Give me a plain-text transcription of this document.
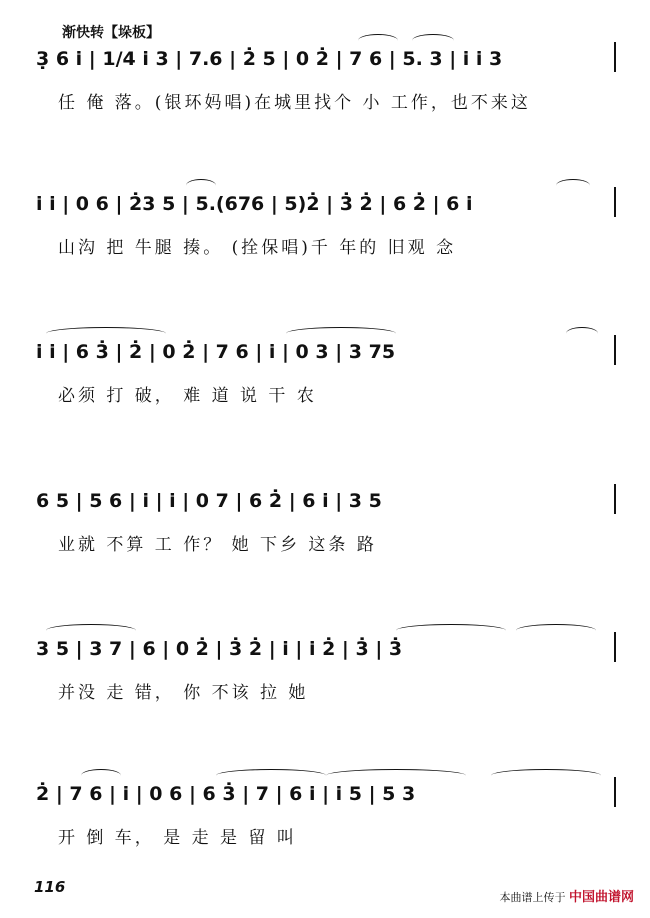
渐快转【垛板】
3̣ 6 i | 1/4 i 3 | 7.6 | 2̇ 5 | 0 2̇ | 7 6 | 5. 3 | i i 3
任 俺 落。(银环妈唱)在城里找个 小 工作，也不来这
i i | 0 6 | 2̇3 5 | 5.(676 | 5)2̇ | 3̇ 2̇ | 6 2̇ | 6 i
山沟 把 牛腿 揍。 (拴保唱)千 年的 旧观 念
i i | 6 3̇ | 2̇ | 0 2̇ | 7 6 | i | 0 3 | 3 75
必须 打 破， 难 道 说 干 农
6 5 | 5 6 | i | i | 0 7 | 6 2̇ | 6 i | 3 5
业就 不算 工 作？ 她 下乡 这条 路
3 5 | 3 7 | 6 | 0 2̇ | 3̇ 2̇ | i | i 2̇ | 3̇ | 3̇
并没 走 错， 你 不该 拉 她
2̇ | 7 6 | i | 0 6 | 6 3̇ | 7 | 6 i | i 5 | 5 3
开 倒 车， 是 走 是 留 叫
116
本曲谱上传于 中国曲谱网
